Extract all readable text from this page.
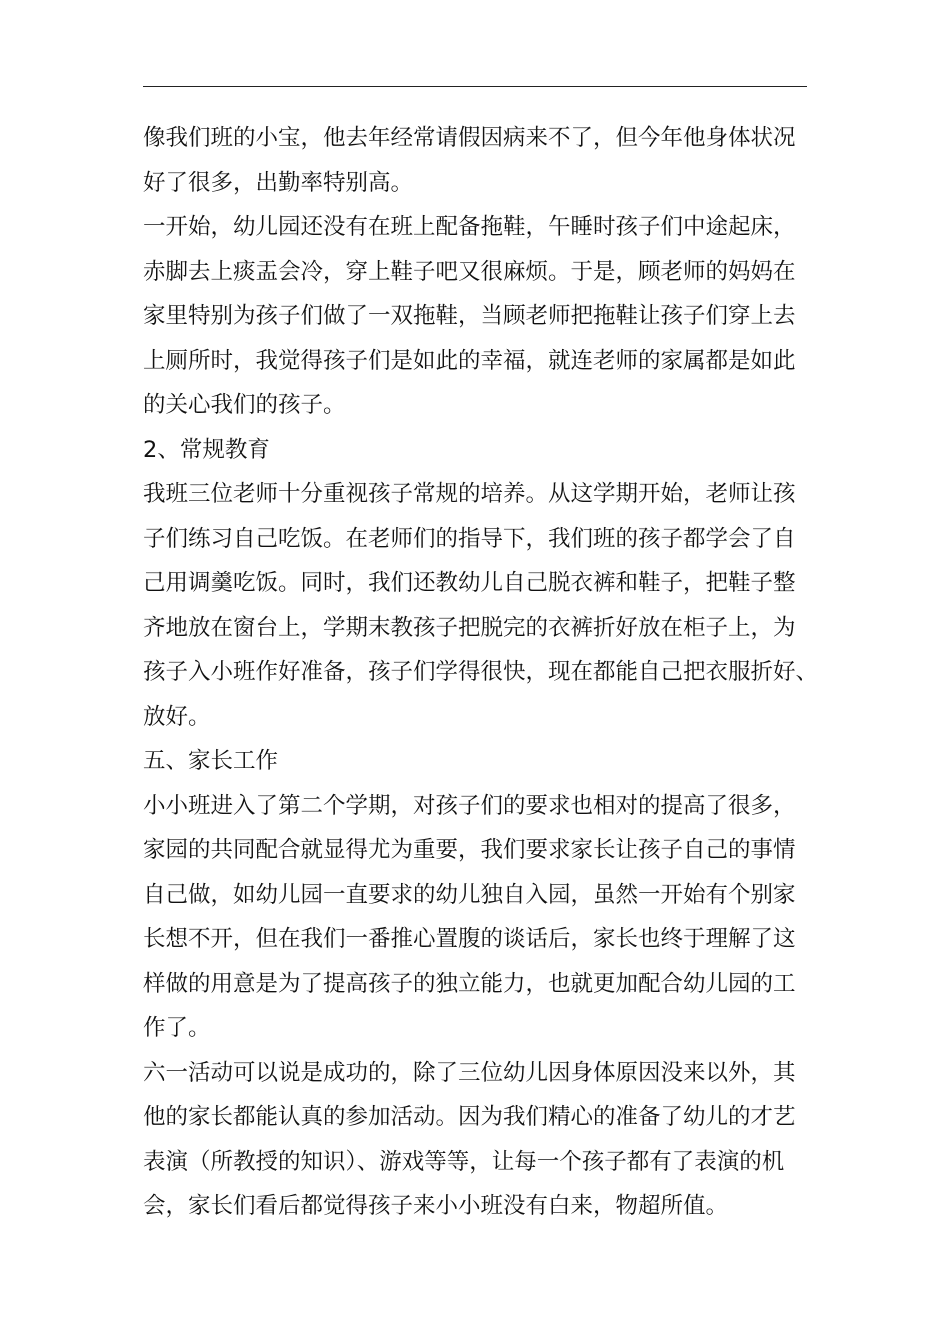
像我们班的小宝，他去年经常请假因病来不了，但今年他身体状况
好了很多，出勤率特别高。
一开始，幼儿园还没有在班上配备拖鞋，午睡时孩子们中途起床，
赤脚去上痰盂会冷，穿上鞋子吧又很麻烦。于是，顾老师的妈妈在
家里特别为孩子们做了一双拖鞋，当顾老师把拖鞋让孩子们穿上去
上厕所时，我觉得孩子们是如此的幸福，就连老师的家属都是如此
的关心我们的孩子。
2、常规教育
我班三位老师十分重视孩子常规的培养。从这学期开始，老师让孩
子们练习自己吃饭。在老师们的指导下，我们班的孩子都学会了自
己用调羹吃饭。同时，我们还教幼儿自己脱衣裤和鞋子，把鞋子整
齐地放在窗台上，学期末教孩子把脱完的衣裤折好放在柜子上，为
孩子入小班作好准备，孩子们学得很快，现在都能自己把衣服折好、
放好。
五、家长工作
小小班进入了第二个学期，对孩子们的要求也相对的提高了很多，
家园的共同配合就显得尤为重要，我们要求家长让孩子自己的事情
自己做，如幼儿园一直要求的幼儿独自入园，虽然一开始有个别家
长想不开，但在我们一番推心置腹的谈话后，家长也终于理解了这
样做的用意是为了提高孩子的独立能力，也就更加配合幼儿园的工
作了。
六一活动可以说是成功的，除了三位幼儿因身体原因没来以外，其
他的家长都能认真的参加活动。因为我们精心的准备了幼儿的才艺
表演（所教授的知识）、游戏等等，让每一个孩子都有了表演的机
会，家长们看后都觉得孩子来小小班没有白来，物超所值。
